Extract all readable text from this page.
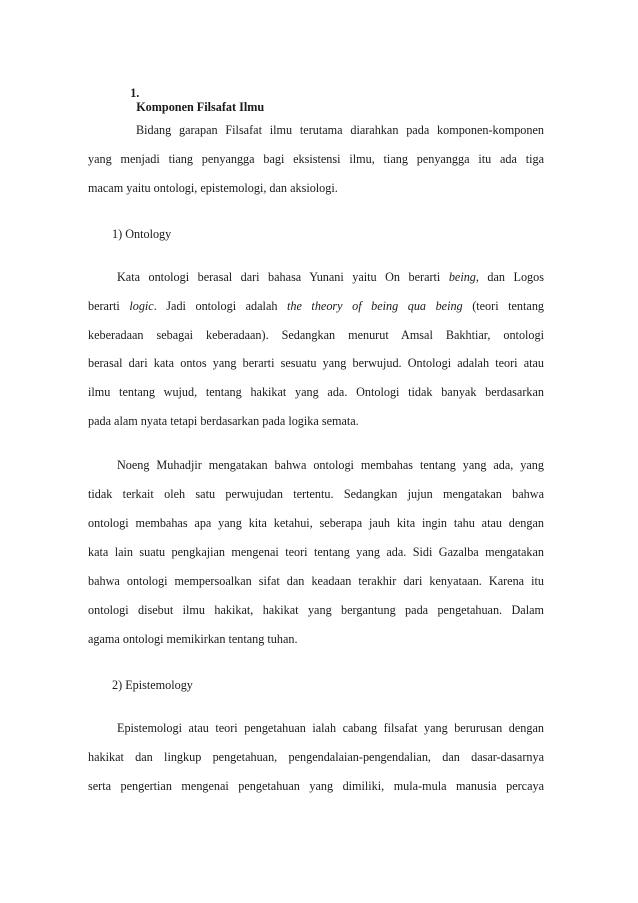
1.
Komponen Filsafat Ilmu

Bidang garapan Filsafat ilmu terutama diarahkan pada komponen-komponen
yang menjadi tiang penyangga bagi eksistensi ilmu, tiang penyangga itu ada tiga
macam yaitu ontologi, epistemologi, dan aksiologi.
1) Ontology
Kata ontologi berasal dari bahasa Yunani yaitu On berarti being, dan Logos
berarti logic. Jadi ontologi adalah the theory of being qua being (teori tentang
keberadaan sebagai keberadaan). Sedangkan menurut Amsal Bakhtiar, ontologi
berasal dari kata ontos yang berarti sesuatu yang berwujud. Ontologi adalah teori atau
ilmu tentang wujud, tentang hakikat yang ada. Ontologi tidak banyak berdasarkan
pada alam nyata tetapi berdasarkan pada logika semata.
Noeng Muhadjir mengatakan bahwa ontologi membahas tentang yang ada, yang
tidak terkait oleh satu perwujudan tertentu. Sedangkan jujun mengatakan bahwa
ontologi membahas apa yang kita ketahui, seberapa jauh kita ingin tahu atau dengan
kata lain suatu pengkajian mengenai teori tentang yang ada. Sidi Gazalba mengatakan
bahwa ontologi mempersoalkan sifat dan keadaan terakhir dari kenyataan. Karena itu
ontologi disebut ilmu hakikat, hakikat yang bergantung pada pengetahuan. Dalam
agama ontologi memikirkan tentang tuhan.
2) Epistemology
Epistemologi atau teori pengetahuan ialah cabang filsafat yang berurusan dengan
hakikat dan lingkup pengetahuan, pengendalaian-pengendalian, dan dasar-dasarnya
serta pengertian mengenai pengetahuan yang dimiliki, mula-mula manusia percaya
